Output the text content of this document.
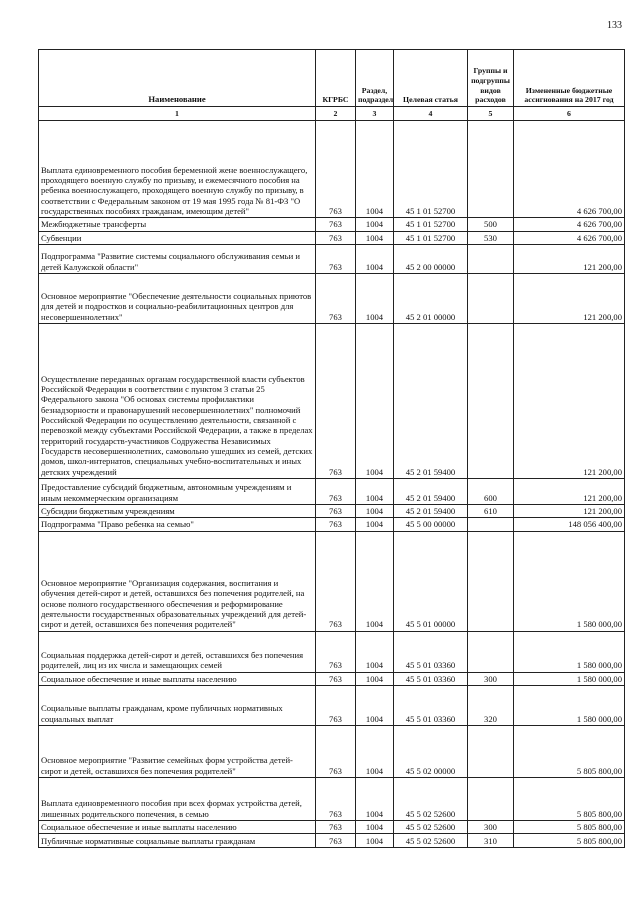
133
Наименование	КГРБС	Раздел, подраздел	Целевая статья	Группы и подгруппы видов расходов	Измененные бюджетные ассигнования на 2017 год
1	2	3	4	5	6
Выплата единовременного пособия беременной жене военнослужащего, проходящего военную службу по призыву, и ежемесячного пособия на ребенка военнослужащего, проходящего военную службу по призыву, в соответствии с Федеральным законом от 19 мая 1995 года № 81-ФЗ "О государственных пособиях гражданам, имеющим детей"	763	1004	45 1 01 52700		4 626 700,00
Межбюджетные трансферты	763	1004	45 1 01 52700	500	4 626 700,00
Субвенции	763	1004	45 1 01 52700	530	4 626 700,00
Подпрограмма "Развитие системы социального обслуживания семьи и детей Калужской области"	763	1004	45 2 00 00000		121 200,00
Основное мероприятие "Обеспечение деятельности социальных приютов для детей и подростков и социально-реабилитационных центров для несовершеннолетних"	763	1004	45 2 01 00000		121 200,00
Осуществление переданных органам государственной власти субъектов Российской Федерации в соответствии с пунктом 3 статьи 25 Федерального закона "Об основах системы профилактики безнадзорности и правонарушений несовершеннолетних" полномочий Российской Федерации по осуществлению деятельности, связанной с перевозкой между субъектами Российской Федерации, а также в пределах территорий государств-участников Содружества Независимых Государств несовершеннолетних, самовольно ушедших из семей, детских домов, школ-интернатов, специальных учебно-воспитательных и иных детских учреждений	763	1004	45 2 01 59400		121 200,00
Предоставление субсидий бюджетным, автономным учреждениям и иным некоммерческим организациям	763	1004	45 2 01 59400	600	121 200,00
Субсидии бюджетным учреждениям	763	1004	45 2 01 59400	610	121 200,00
Подпрограмма "Право ребенка на семью"	763	1004	45 5 00 00000		148 056 400,00
Основное мероприятие "Организация содержания, воспитания и обучения детей-сирот и детей, оставшихся без попечения родителей, на основе полного государственного обеспечения и реформирование деятельности государственных образовательных учреждений для детей-сирот и детей, оставшихся без попечения родителей"	763	1004	45 5 01 00000		1 580 000,00
Социальная поддержка детей-сирот и детей, оставшихся без попечения родителей, лиц из их числа и замещающих семей	763	1004	45 5 01 03360		1 580 000,00
Социальное обеспечение и иные выплаты населению	763	1004	45 5 01 03360	300	1 580 000,00
Социальные выплаты гражданам, кроме публичных нормативных социальных выплат	763	1004	45 5 01 03360	320	1 580 000,00
Основное мероприятие "Развитие семейных форм устройства детей-сирот и детей, оставшихся без попечения родителей"	763	1004	45 5 02 00000		5 805 800,00
Выплата единовременного пособия при всех формах устройства детей, лишенных родительского попечения, в семью	763	1004	45 5 02 52600		5 805 800,00
Социальное обеспечение и иные выплаты населению	763	1004	45 5 02 52600	300	5 805 800,00
Публичные нормативные социальные выплаты гражданам	763	1004	45 5 02 52600	310	5 805 800,00
